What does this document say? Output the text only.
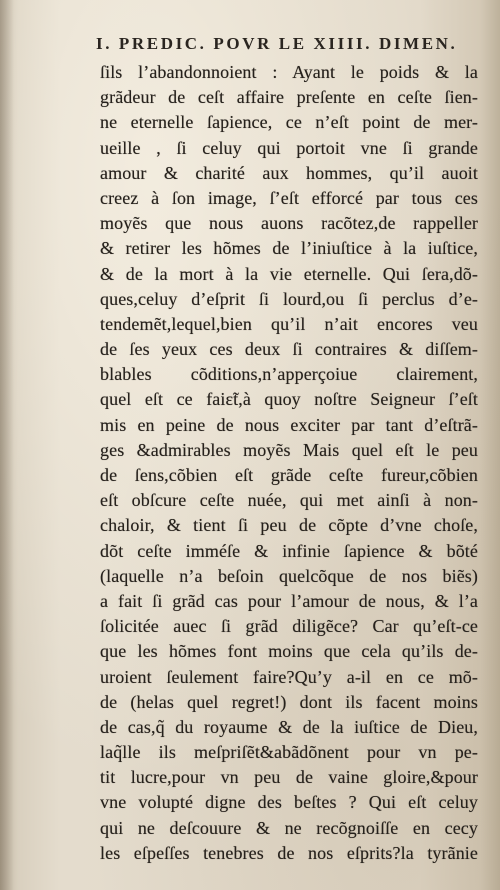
I. PREDIC. POVR LE XIIII. DIMEN.
ſils l’abandonnoient : Ayant le poids & la
grãdeur de ceſt affaire preſente en ceſte ſien-
ne eternelle ſapience, ce n’eſt point de mer-
ueille , ſi celuy qui portoit vne ſi grande
amour & charité aux hommes, qu’il auoit
creez à ſon image, ſ’eſt efforcé par tous ces
moyẽs que nous auons racõtez,de rappeller
& retirer les hõmes de l’iniuſtice à la iuſtice,
& de la mort à la vie eternelle. Qui ſera,dõ-
ques,celuy d’eſprit ſi lourd,ou ſi perclus d’e-
tendemẽt,lequel,bien qu’il n’ait encores veu
de ſes yeux ces deux ſi contraires & diſſem-
blables cõditions,n’apperçoiue clairement,
quel eſt ce faiɛ̃t,à quoy noſtre Seigneur ſ’eſt
mis en peine de nous exciter par tant d’eſtrã-
ges &admirables moyẽs Mais quel eſt le peu
de ſens,cõbien eſt grãde ceſte fureur,cõbien
eſt obſcure ceſte nuée, qui met ainſi à non-
chaloir, & tient ſi peu de cõpte d’vne choſe,
dõt ceſte imméſe & infinie ſapience & bõté
(laquelle n’a beſoin quelcõque de nos biẽs)
a fait ſi grãd cas pour l’amour de nous, & l’a
ſolicitée auec ſi grãd diligẽce? Car qu’eſt-ce
que les hõmes font moins que cela qu’ils de-
uroient ſeulement faire?Qu’y a-il en ce mõ-
de (helas quel regret!) dont ils facent moins
de cas,q̃ du royaume & de la iuſtice de Dieu,
laq̃lle ils meſpriſẽt&abãdõnent pour vn pe-
tit lucre,pour vn peu de vaine gloire,&pour
vne volupté digne des beſtes ? Qui eſt celuy
qui ne deſcouure & ne recõgnoiſſe en cecy
les eſpeſſes tenebres de nos eſprits?la tyrãnie
